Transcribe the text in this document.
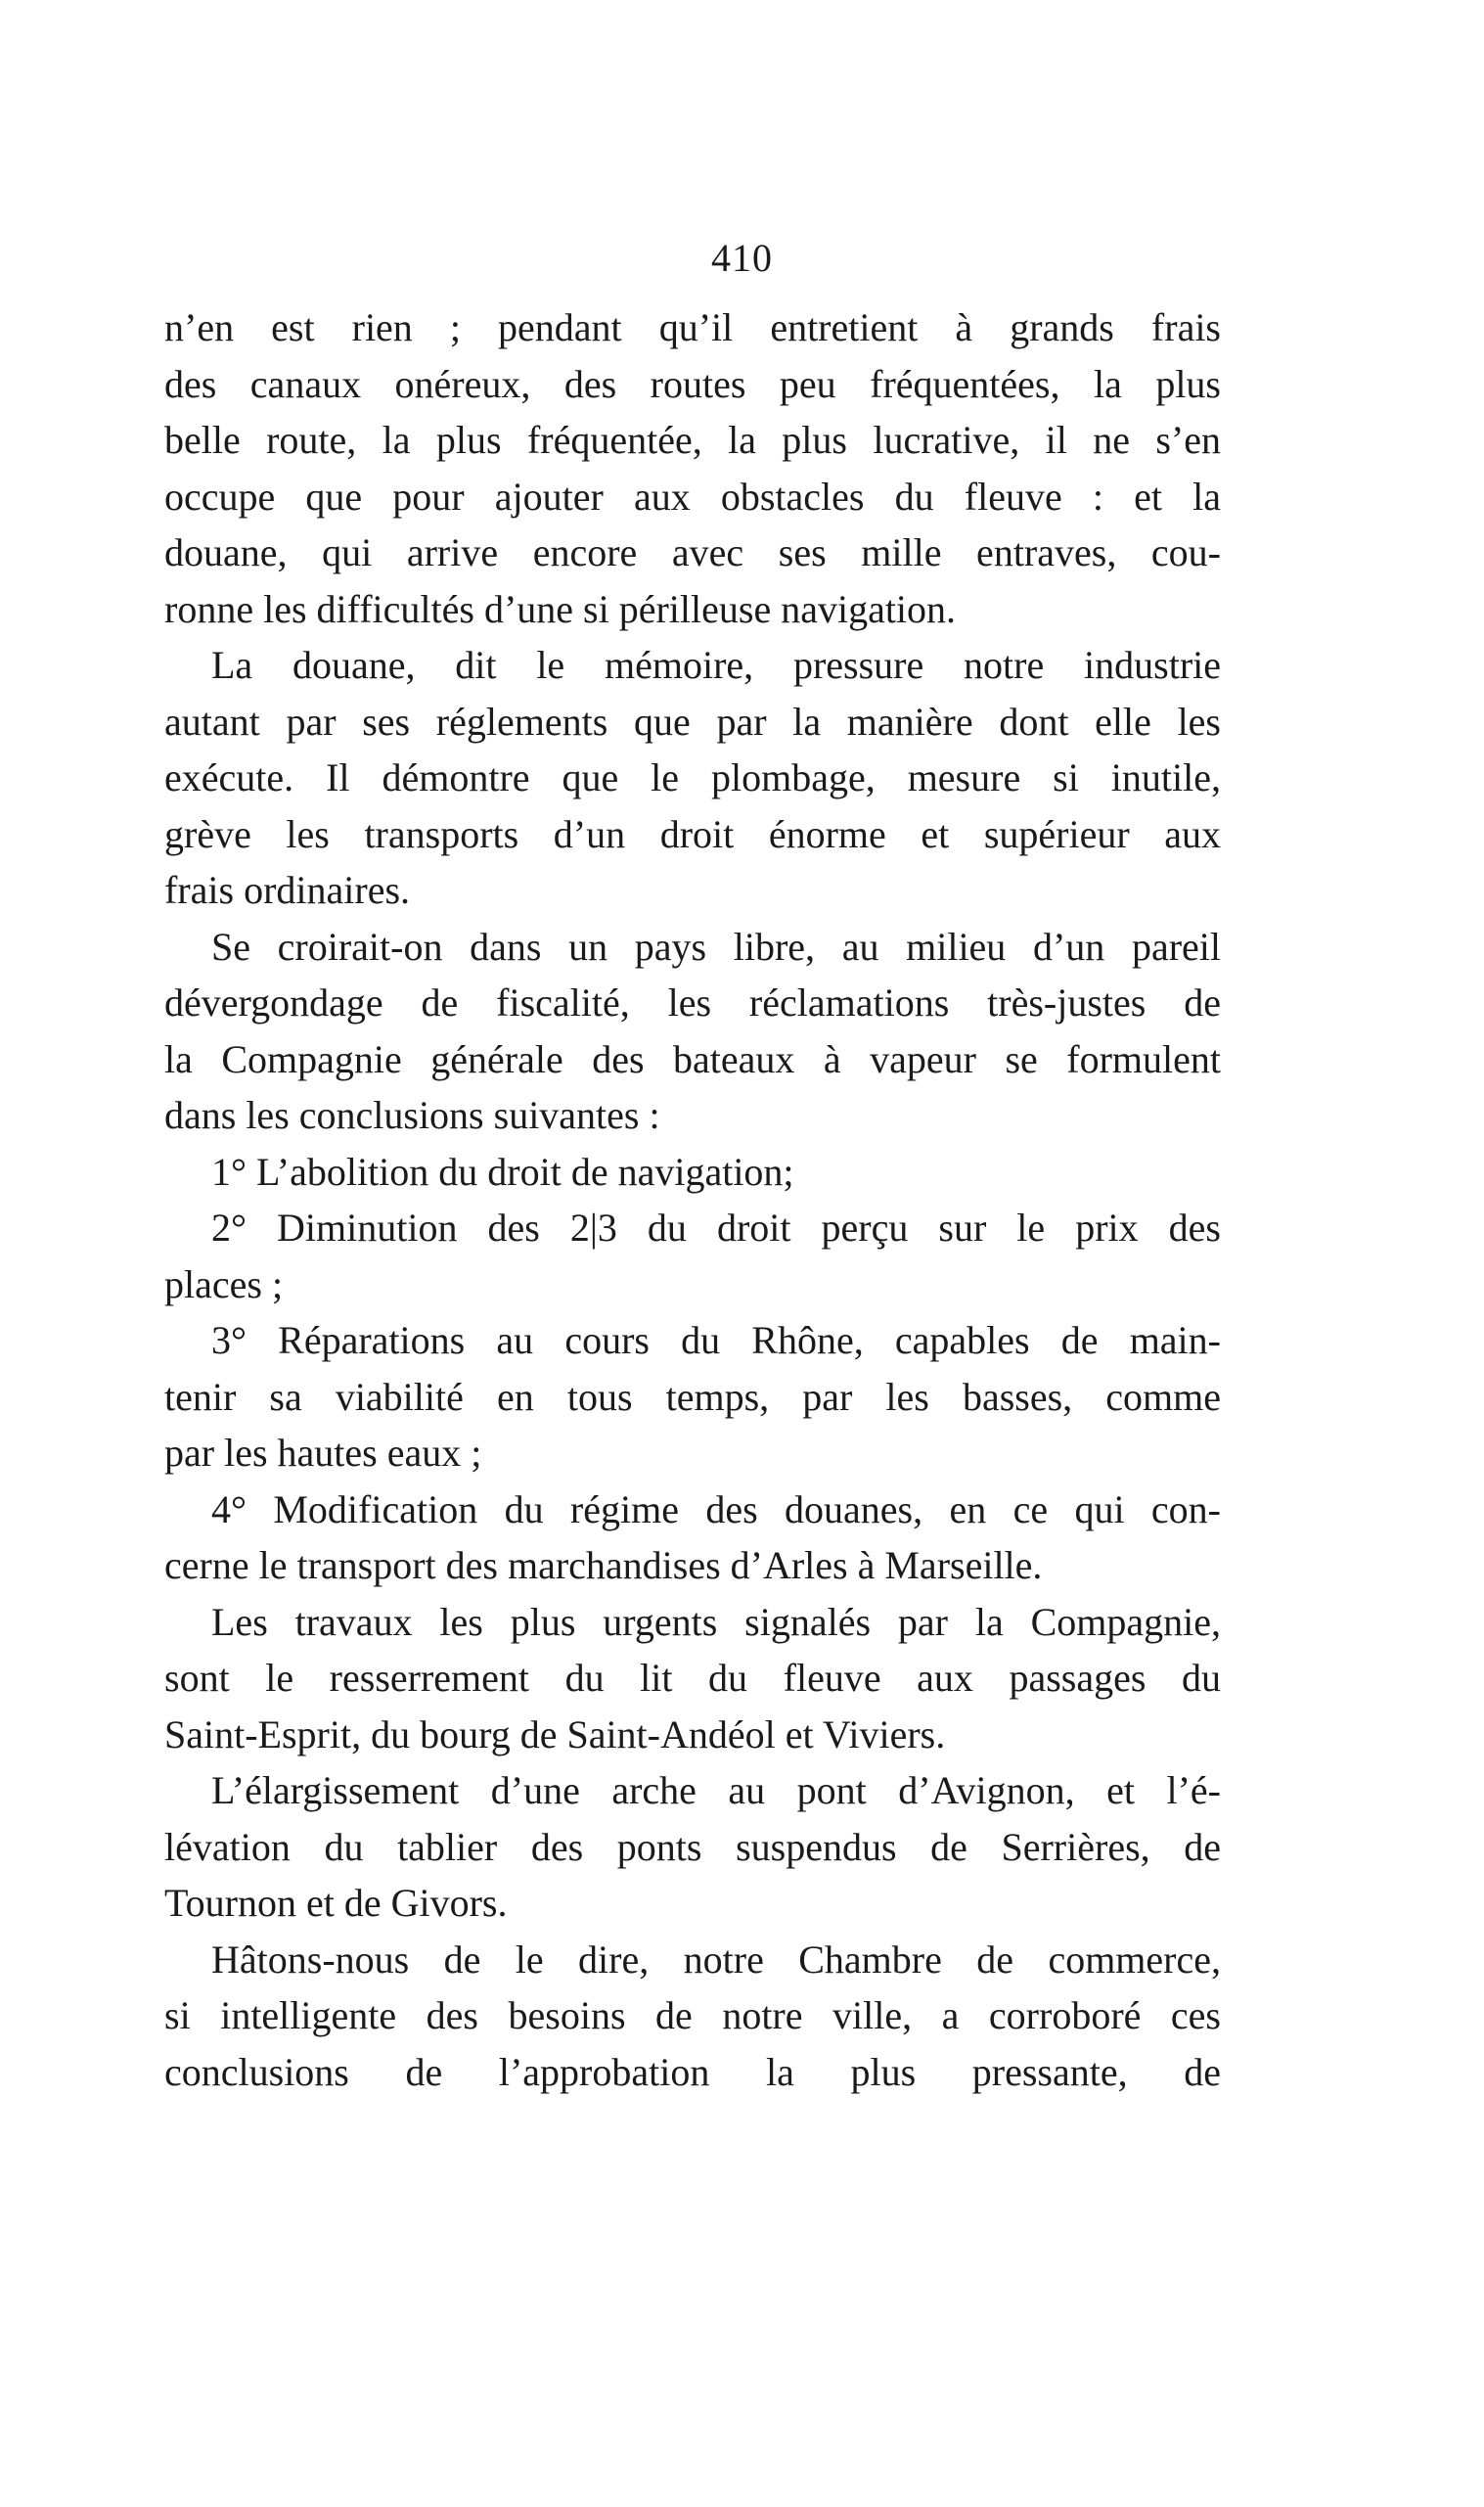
410
n’en est rien ; pendant qu’il entretient à grands frais
des canaux onéreux, des routes peu fréquentées, la plus
belle route, la plus fréquentée, la plus lucrative, il ne s’en
occupe que pour ajouter aux obstacles du fleuve : et la
douane, qui arrive encore avec ses mille entraves, cou-
ronne les difficultés d’une si périlleuse navigation.
La douane, dit le mémoire, pressure notre industrie
autant par ses réglements que par la manière dont elle les
exécute. Il démontre que le plombage, mesure si inutile,
grève les transports d’un droit énorme et supérieur aux
frais ordinaires.
Se croirait-on dans un pays libre, au milieu d’un pareil
dévergondage de fiscalité, les réclamations très-justes de
la Compagnie générale des bateaux à vapeur se formulent
dans les conclusions suivantes :
1° L’abolition du droit de navigation;
2° Diminution des 2|3 du droit perçu sur le prix des
places ;
3° Réparations au cours du Rhône, capables de main-
tenir sa viabilité en tous temps, par les basses, comme
par les hautes eaux ;
4° Modification du régime des douanes, en ce qui con-
cerne le transport des marchandises d’Arles à Marseille.
Les travaux les plus urgents signalés par la Compagnie,
sont le resserrement du lit du fleuve aux passages du
Saint-Esprit, du bourg de Saint-Andéol et Viviers.
L’élargissement d’une arche au pont d’Avignon, et l’é-
lévation du tablier des ponts suspendus de Serrières, de
Tournon et de Givors.
Hâtons-nous de le dire, notre Chambre de commerce,
si intelligente des besoins de notre ville, a corroboré ces
conclusions de l’approbation la plus pressante, de
